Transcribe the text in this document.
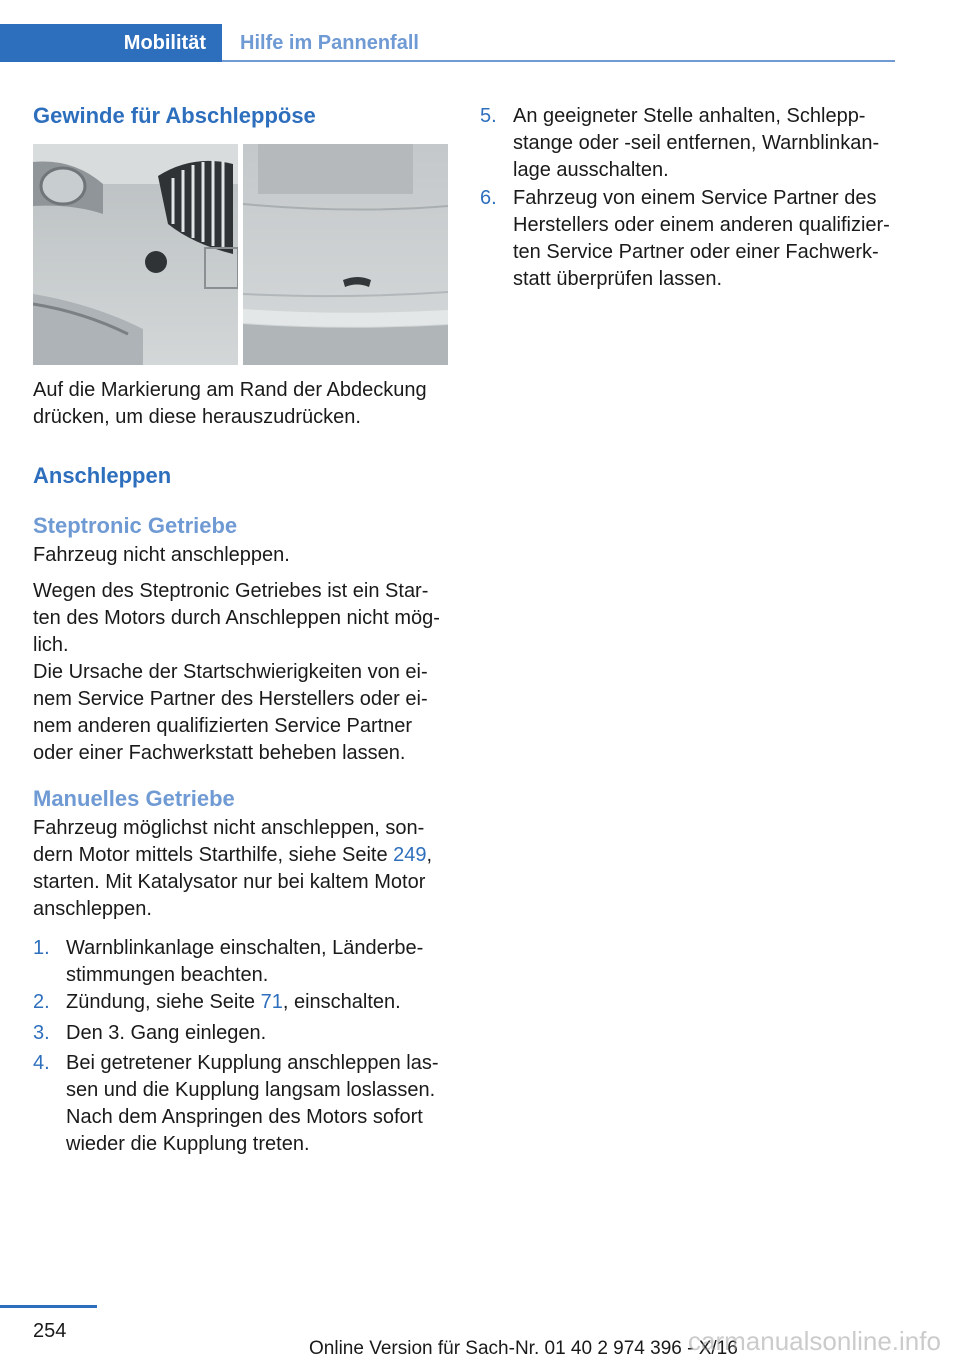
Mobilität	Hilfe im Pannenfall
Gewinde für Abschleppöse
Auf die Markierung am Rand der Abdeckung
drücken, um diese herauszudrücken.
Anschleppen
Steptronic Getriebe
Fahrzeug nicht anschleppen.
Wegen des Steptronic Getriebes ist ein Star‐
ten des Motors durch Anschleppen nicht mög‐
lich.
Die Ursache der Startschwierigkeiten von ei‐
nem Service Partner des Herstellers oder ei‐
nem anderen qualifizierten Service Partner
oder einer Fachwerkstatt beheben lassen.
Manuelles Getriebe
Fahrzeug möglichst nicht anschleppen, son‐
dern Motor mittels Starthilfe, siehe Seite 249,
starten. Mit Katalysator nur bei kaltem Motor
anschleppen.
1. Warnblinkanlage einschalten, Länderbe‐
stimmungen beachten.
2. Zündung, siehe Seite 71, einschalten.
3. Den 3. Gang einlegen.
4. Bei getretener Kupplung anschleppen las‐
sen und die Kupplung langsam loslassen.
Nach dem Anspringen des Motors sofort
wieder die Kupplung treten.
5. An geeigneter Stelle anhalten, Schlepp‐
stange oder ‑seil entfernen, Warnblinkan‐
lage ausschalten.
6. Fahrzeug von einem Service Partner des
Herstellers oder einem anderen qualifizier‐
ten Service Partner oder einer Fachwerk‐
statt überprüfen lassen.
254
Online Version für Sach-Nr. 01 40 2 974 396 - X/16
carmanualsonline.info
